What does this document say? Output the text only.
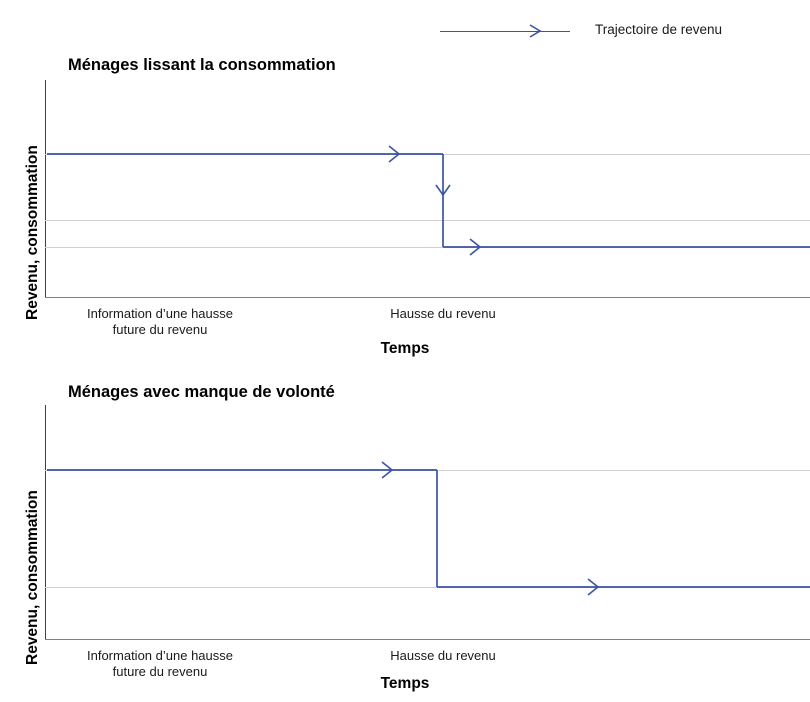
Trajectoire de revenu
Ménages lissant la consommation
Revenu, consommation	Information d’une hausse
future du revenu
Hausse du revenu
Temps
Ménages avec manque de volonté
Revenu, consommation	Information d’une hausse
future du revenu
Hausse du revenu
Temps
